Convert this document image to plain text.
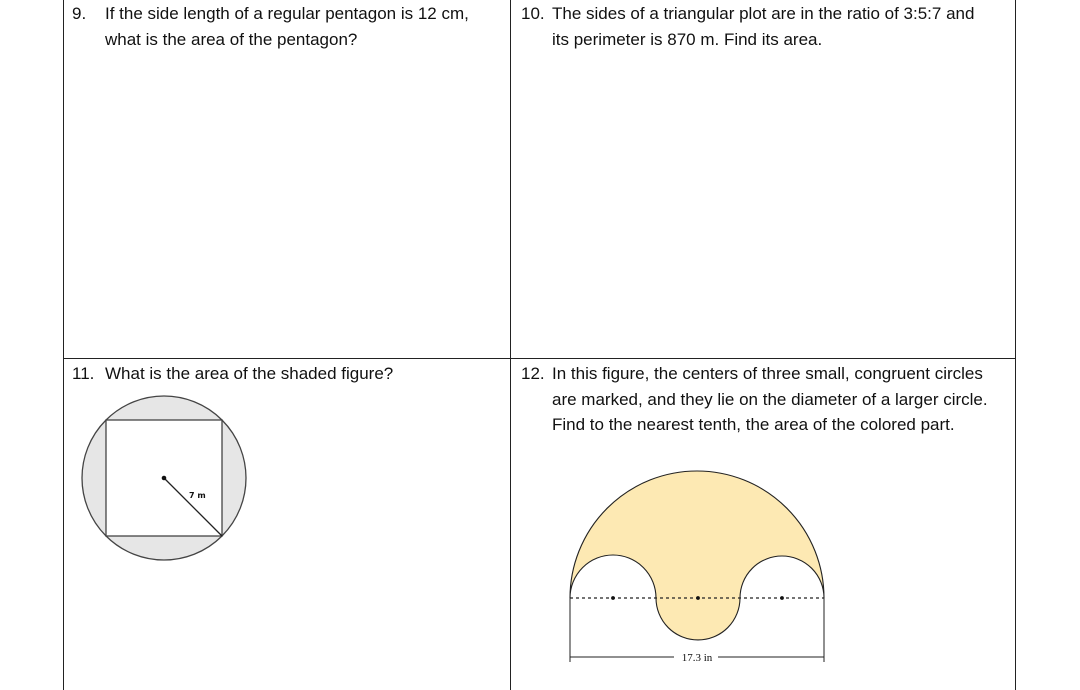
9. If the side length of a regular pentagon is 12 cm, what is the area of the pentagon?
10. The sides of a triangular plot are in the ratio of 3:5:7 and its perimeter is 870 m. Find its area.
11. What is the area of the shaded figure?	12. In this figure, the centers of three small, congruent circles are marked, and they lie on the diameter of a larger circle. Find to the nearest tenth, the area of the colored part.
7 m
17.3 in
